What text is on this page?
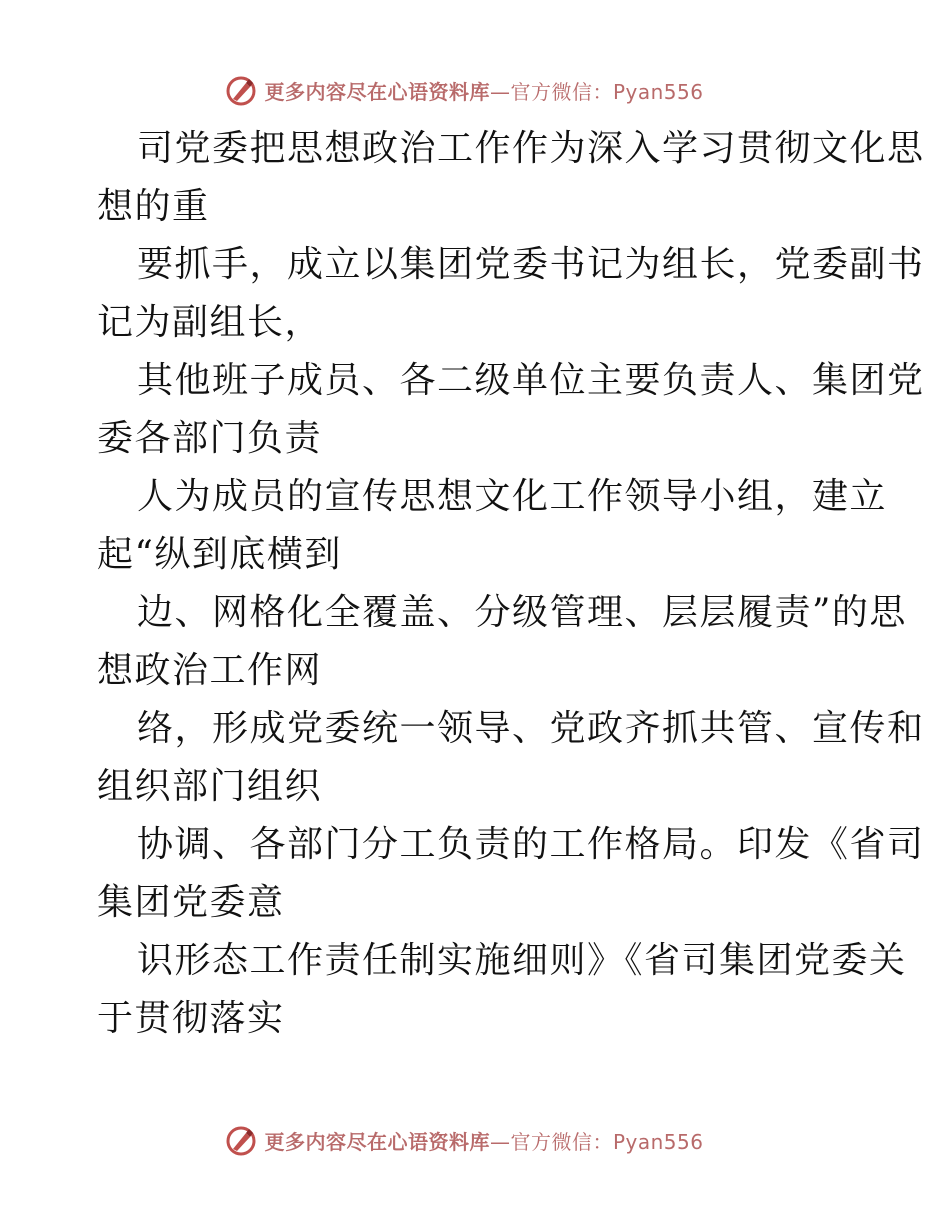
更多内容尽在心语资料库—官方微信：Pyan556
司党委把思想政治工作作为深入学习贯彻文化思
想的重
要抓手，成立以集团党委书记为组长，党委副书
记为副组长，
其他班子成员、各二级单位主要负责人、集团党
委各部门负责
人为成员的宣传思想文化工作领导小组，建立
起“纵到底横到
边、网格化全覆盖、分级管理、层层履责”的思
想政治工作网
络，形成党委统一领导、党政齐抓共管、宣传和
组织部门组织
协调、各部门分工负责的工作格局。印发《省司
集团党委意
识形态工作责任制实施细则》《省司集团党委关
于贯彻落实
更多内容尽在心语资料库—官方微信：Pyan556
